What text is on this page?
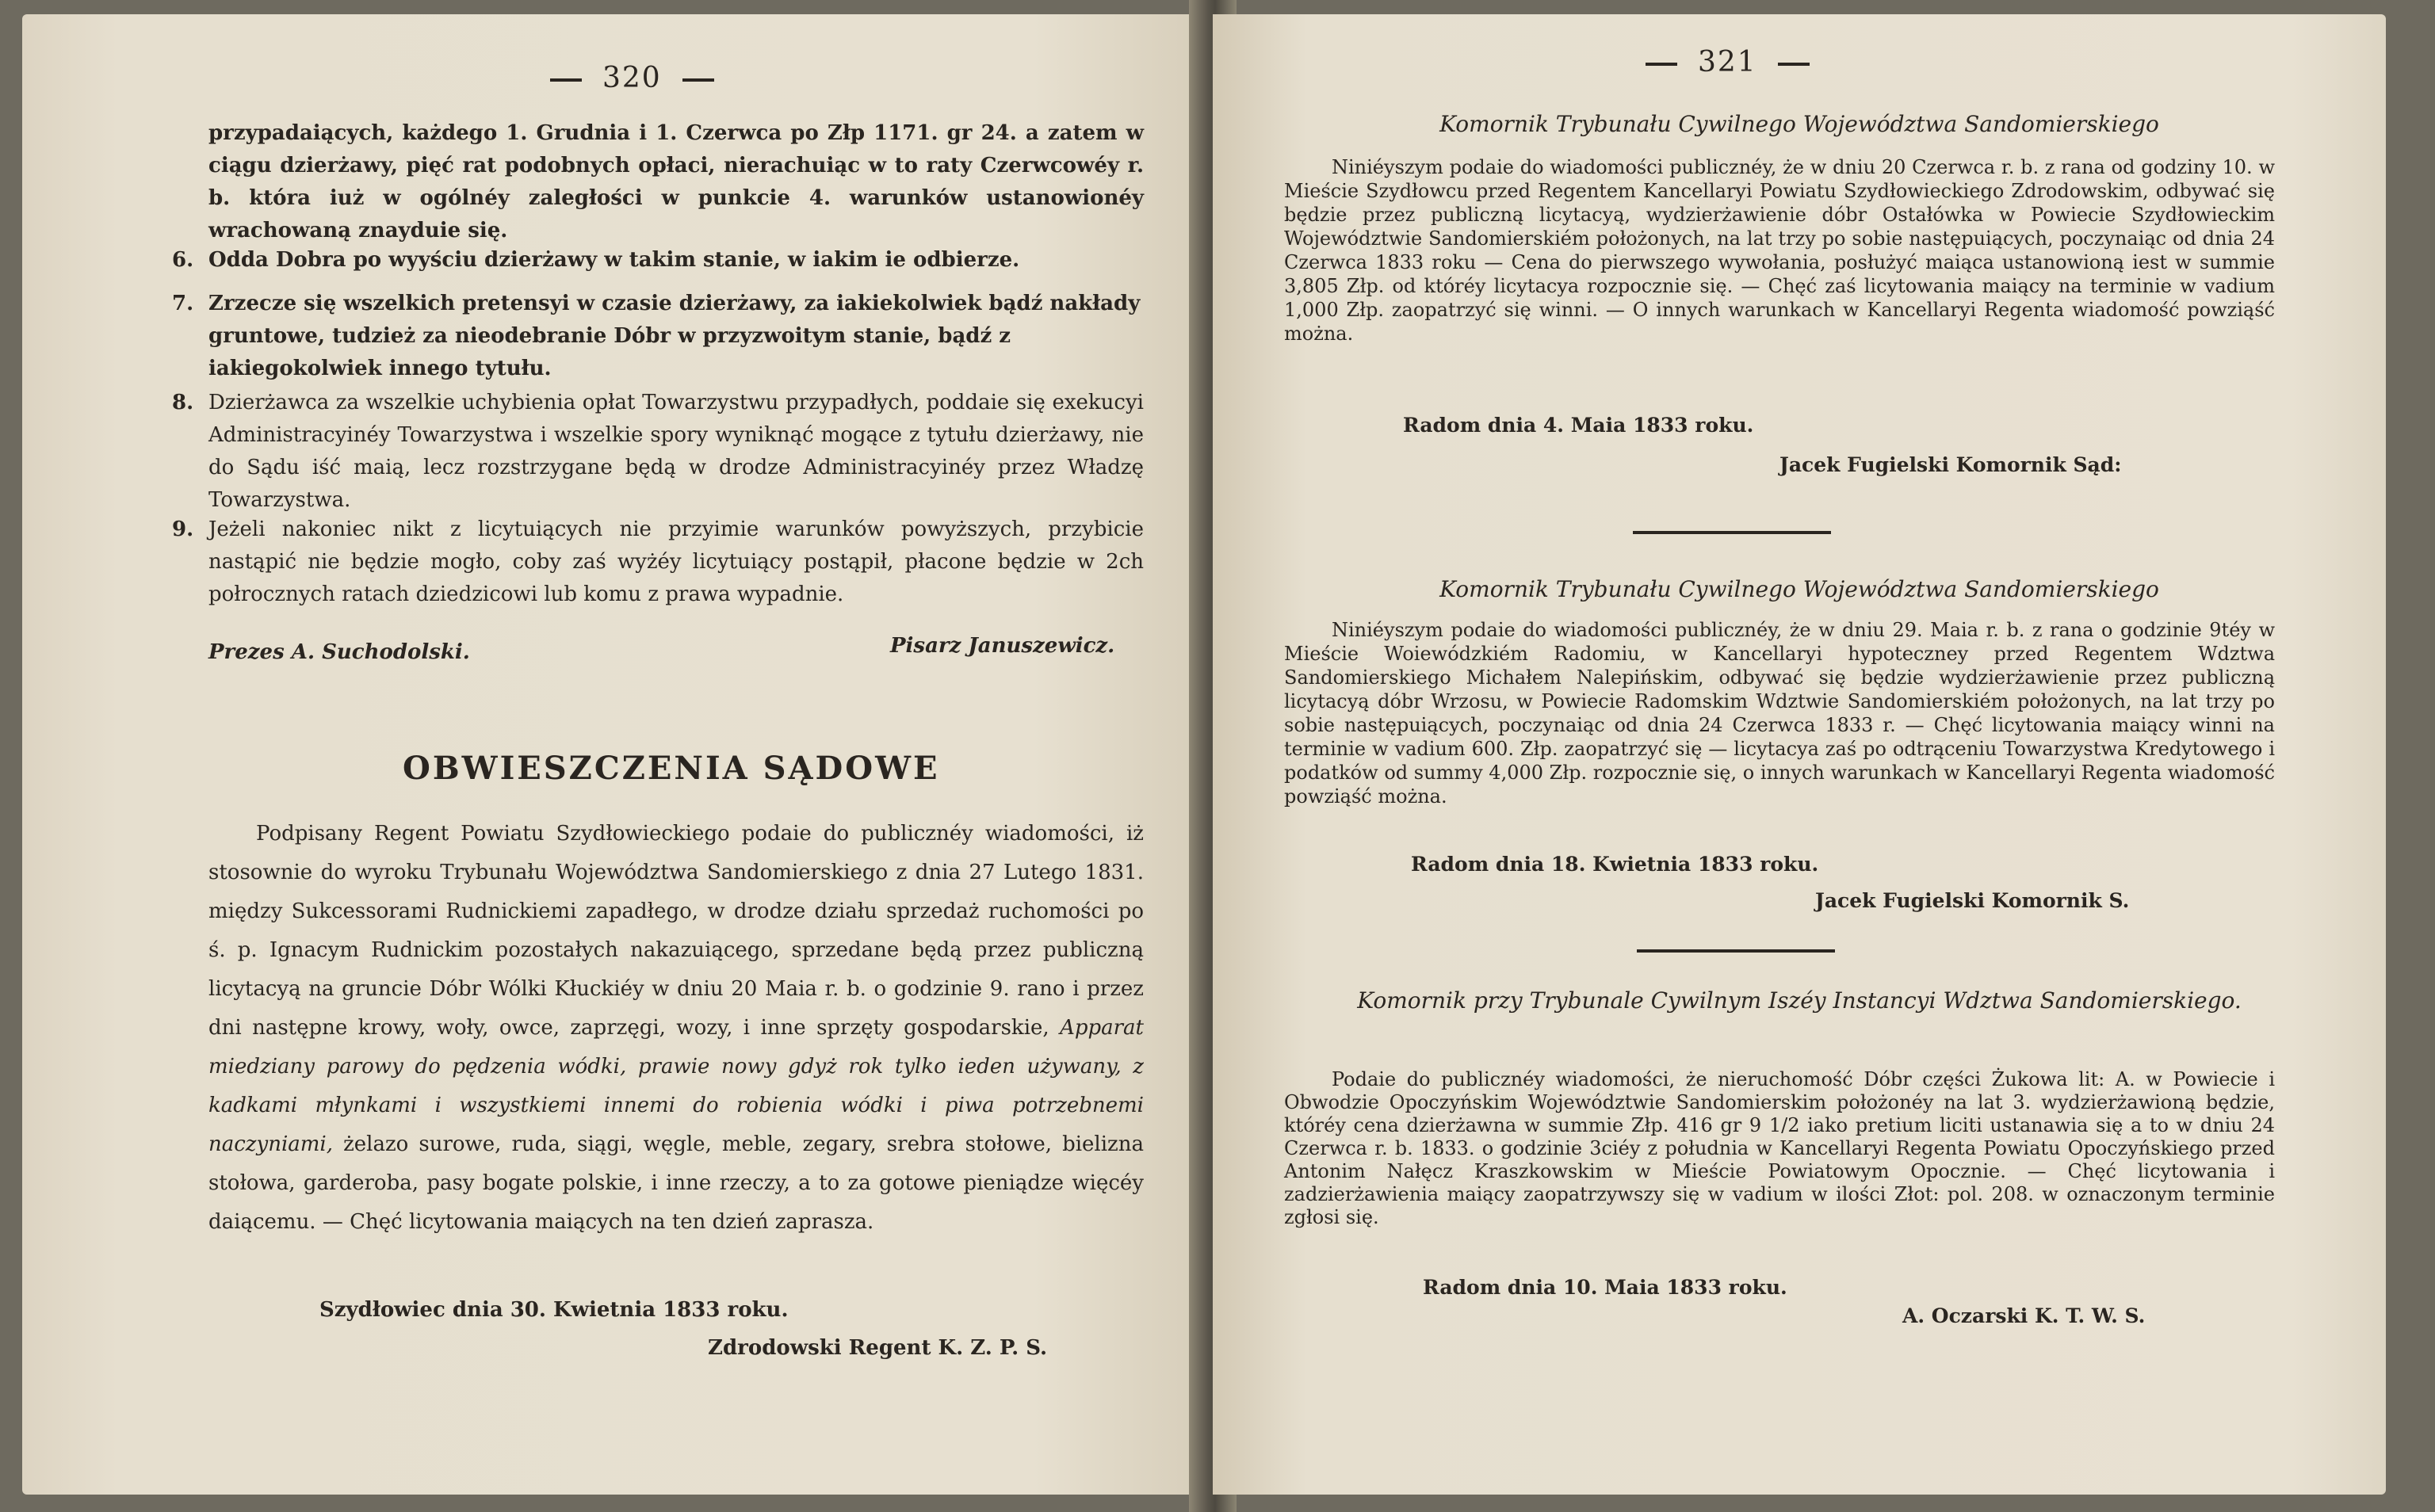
320
przypadaiących, każdego 1. Grudnia i 1. Czerwca po Złp 1171. gr 24. a zatem w ciągu dzierżawy, pięć rat podobnych opłaci, nierachuiąc w to raty Czerwcowéy r. b. która iuż w ogólnéy zaległości w punkcie 4. warunków ustanowionéy wrachowaną znayduie się.
6. Odda Dobra po wyyściu dzierżawy w takim stanie, w iakim ie odbierze.
7. Zrzecze się wszelkich pretensyi w czasie dzierżawy, za iakiekolwiek bądź nakłady gruntowe, tudzież za nieodebranie Dóbr w przyzwoitym stanie, bądź z iakiegokolwiek innego tytułu.
8. Dzierżawca za wszelkie uchybienia opłat Towarzystwu przypadłych, poddaie się exekucyi Administracyinéy Towarzystwa i wszelkie spory wyniknąć mogące z tytułu dzierżawy, nie do Sądu iść maią, lecz rozstrzygane będą w drodze Administracyinéy przez Władzę Towarzystwa.
9. Jeżeli nakoniec nikt z licytuiących nie przyimie warunków powyższych, przybicie nastąpić nie będzie mogło, coby zaś wyżéy licytuiący postąpił, płacone będzie w 2ch połrocznych ratach dziedzicowi lub komu z prawa wypadnie.
Prezes A. Suchodolski.	Pisarz Januszewicz.
OBWIESZCZENIA SĄDOWE
Podpisany Regent Powiatu Szydłowieckiego podaie do publicznéy wiadomości, iż stosownie do wyroku Trybunału Województwa Sandomierskiego z dnia 27 Lutego 1831. między Sukcessorami Rudnickiemi zapadłego, w drodze działu sprzedaż ruchomości po ś. p. Ignacym Rudnickim pozostałych nakazuiącego, sprzedane będą przez publiczną licytacyą na gruncie Dóbr Wólki Kłuckiéy w dniu 20 Maia r. b. o godzinie 9. rano i przez dni następne krowy, woły, owce, zaprzęgi, wozy, i inne sprzęty gospodarskie, Apparat miedziany parowy do pędzenia wódki, prawie nowy gdyż rok tylko ieden używany, z kadkami młynkami i wszystkiemi innemi do robienia wódki i piwa potrzebnemi naczyniami, żelazo surowe, ruda, siągi, węgle, meble, zegary, srebra stołowe, bielizna stołowa, garderoba, pasy bogate polskie, i inne rzeczy, a to za gotowe pieniądze więcéy daiącemu. — Chęć licytowania maiących na ten dzień zaprasza.
Szydłowiec dnia 30. Kwietnia 1833 roku.
Zdrodowski Regent K. Z. P. S.
321
Komornik Trybunału Cywilnego Województwa Sandomierskiego
Niniéyszym podaie do wiadomości publicznéy, że w dniu 20 Czerwca r. b. z rana od godziny 10. w Mieście Szydłowcu przed Regentem Kancellaryi Powiatu Szydłowieckiego Zdrodowskim, odbywać się będzie przez publiczną licytacyą, wydzierżawienie dóbr Ostałówka w Powiecie Szydłowieckim Województwie Sandomierskiém położonych, na lat trzy po sobie następuiących, poczynaiąc od dnia 24 Czerwca 1833 roku — Cena do pierwszego wywołania, posłużyć maiąca ustanowioną iest w summie 3,805 Złp. od któréy licytacya rozpocznie się. — Chęć zaś licytowania maiący na terminie w vadium 1,000 Złp. zaopatrzyć się winni. — O innych warunkach w Kancellaryi Regenta wiadomość powziąść można.
Radom dnia 4. Maia 1833 roku.
Jacek Fugielski Komornik Sąd:
Komornik Trybunału Cywilnego Województwa Sandomierskiego
Niniéyszym podaie do wiadomości publicznéy, że w dniu 29. Maia r. b. z rana o godzinie 9téy w Mieście Woiewódzkiém Radomiu, w Kancellaryi hypoteczney przed Regentem Wdztwa Sandomierskiego Michałem Nalepińskim, odbywać się będzie wydzierżawienie przez publiczną licytacyą dóbr Wrzosu, w Powiecie Radomskim Wdztwie Sandomierskiém położonych, na lat trzy po sobie następuiących, poczynaiąc od dnia 24 Czerwca 1833 r. — Chęć licytowania maiący winni na terminie w vadium 600. Złp. zaopatrzyć się — licytacya zaś po odtrąceniu Towarzystwa Kredytowego i podatków od summy 4,000 Złp. rozpocznie się, o innych warunkach w Kancellaryi Regenta wiadomość powziąść można.
Radom dnia 18. Kwietnia 1833 roku.
Jacek Fugielski Komornik S.
Komornik przy Trybunale Cywilnym Iszéy Instancyi Wdztwa Sandomierskiego.
Podaie do publicznéy wiadomości, że nieruchomość Dóbr części Żukowa lit: A. w Powiecie i Obwodzie Opoczyńskim Województwie Sandomierskim położonéy na lat 3. wydzierżawioną będzie, któréy cena dzierżawna w summie Złp. 416 gr 9 1/2 iako pretium liciti ustanawia się a to w dniu 24 Czerwca r. b. 1833. o godzinie 3ciéy z południa w Kancellaryi Regenta Powiatu Opoczyńskiego przed Antonim Nałęcz Kraszkowskim w Mieście Powiatowym Opocznie. — Chęć licytowania i zadzierżawienia maiący zaopatrzywszy się w vadium w ilości Złot: pol. 208. w oznaczonym terminie zgłosi się.
Radom dnia 10. Maia 1833 roku.
A. Oczarski K. T. W. S.
